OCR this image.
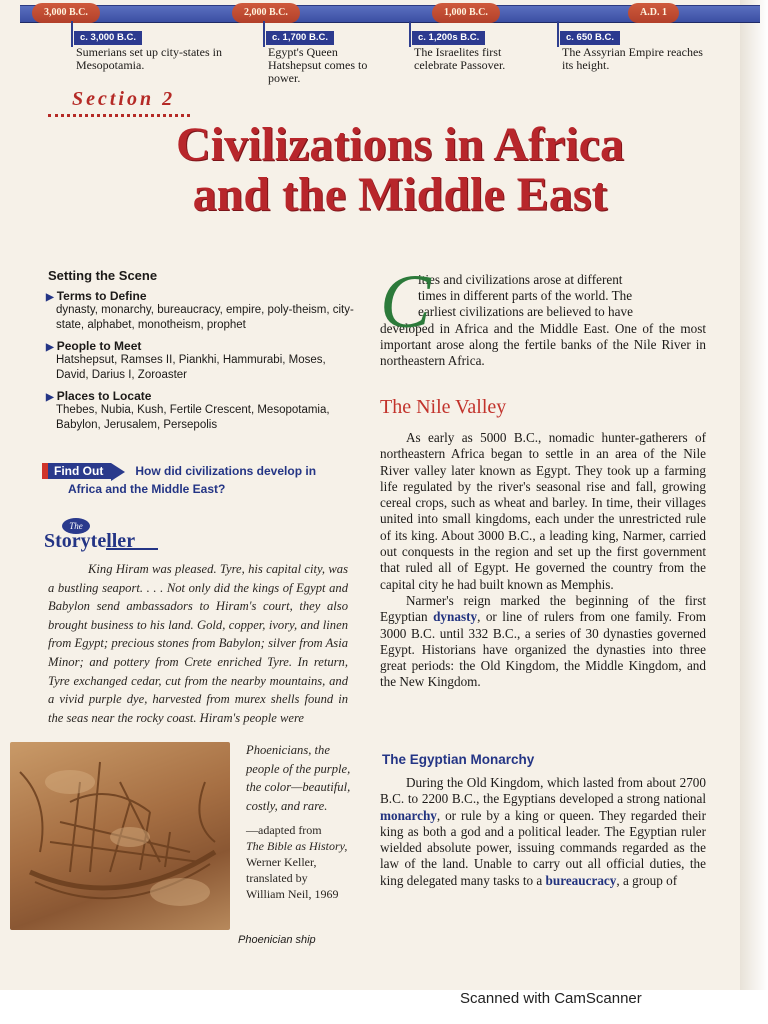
3,000 B.C.	2,000 B.C.	1,000 B.C.	A.D. 1
c. 3,000 B.C.
Sumerians set up city-states in Mesopotamia.
c. 1,700 B.C.
Egypt's Queen Hatshepsut comes to power.
c. 1,200s B.C.
The Israelites first celebrate Passover.
c. 650 B.C.
The Assyrian Empire reaches its height.
Section 2
Civilizations in Africa
and the Middle East
Setting the Scene
▶ Terms to Define
dynasty, monarchy, bureaucracy, empire, poly-theism, city-state, alphabet, monotheism, prophet
▶ People to Meet
Hatshepsut, Ramses II, Piankhi, Hammurabi, Moses, David, Darius I, Zoroaster
▶ Places to Locate
Thebes, Nubia, Kush, Fertile Crescent, Mesopotamia, Babylon, Jerusalem, Persepolis
Find Out	How did civilizations develop in
Africa and the Middle East?
The
Storyteller
King Hiram was pleased. Tyre, his capital city, was a bustling seaport. . . . Not only did the kings of Egypt and Babylon send ambassadors to Hiram's court, they also brought business to his land. Gold, copper, ivory, and linen from Egypt; precious stones from Babylon; silver from Asia Minor; and pottery from Crete enriched Tyre. In return, Tyre exchanged cedar, cut from the nearby mountains, and a vivid purple dye, harvested from murex shells found in the seas near the rocky coast. Hiram's people were
Phoenicians, the people of the purple, the color—beautiful, costly, and rare.
—adapted from
The Bible as History,
Werner Keller,
translated by
William Neil, 1969
Phoenician ship
C
ities and civilizations arose at different
times in different parts of the world. The
earliest civilizations are believed to have
developed in Africa and the Middle East. One of the most important arose along the fertile banks of the Nile River in northeastern Africa.
The Nile Valley

As early as 5000 B.C., nomadic hunter-gatherers of northeastern Africa began to settle in an area of the Nile River valley later known as Egypt. They took up a farming life regulated by the river's seasonal rise and fall, growing cereal crops, such as wheat and barley. In time, their villages united into small kingdoms, each under the unrestricted rule of its king. About 3000 B.C., a leading king, Narmer, carried out conquests in the region and set up the first government that ruled all of Egypt. He governed the country from the capital city he had built known as Memphis.

Narmer's reign marked the beginning of the first Egyptian dynasty, or line of rulers from one family. From 3000 B.C. until 332 B.C., a series of 30 dynasties governed Egypt. Historians have organized the dynasties into three great periods: the Old Kingdom, the Middle Kingdom, and the New Kingdom.

The Egyptian Monarchy

During the Old Kingdom, which lasted from about 2700 B.C. to 2200 B.C., the Egyptians developed a strong national monarchy, or rule by a king or queen. They regarded their king as both a god and a political leader. The Egyptian ruler wielded absolute power, issuing commands regarded as the law of the land. Unable to carry out all official duties, the king delegated many tasks to a bureaucracy, a group of

Scanned with CamScanner
